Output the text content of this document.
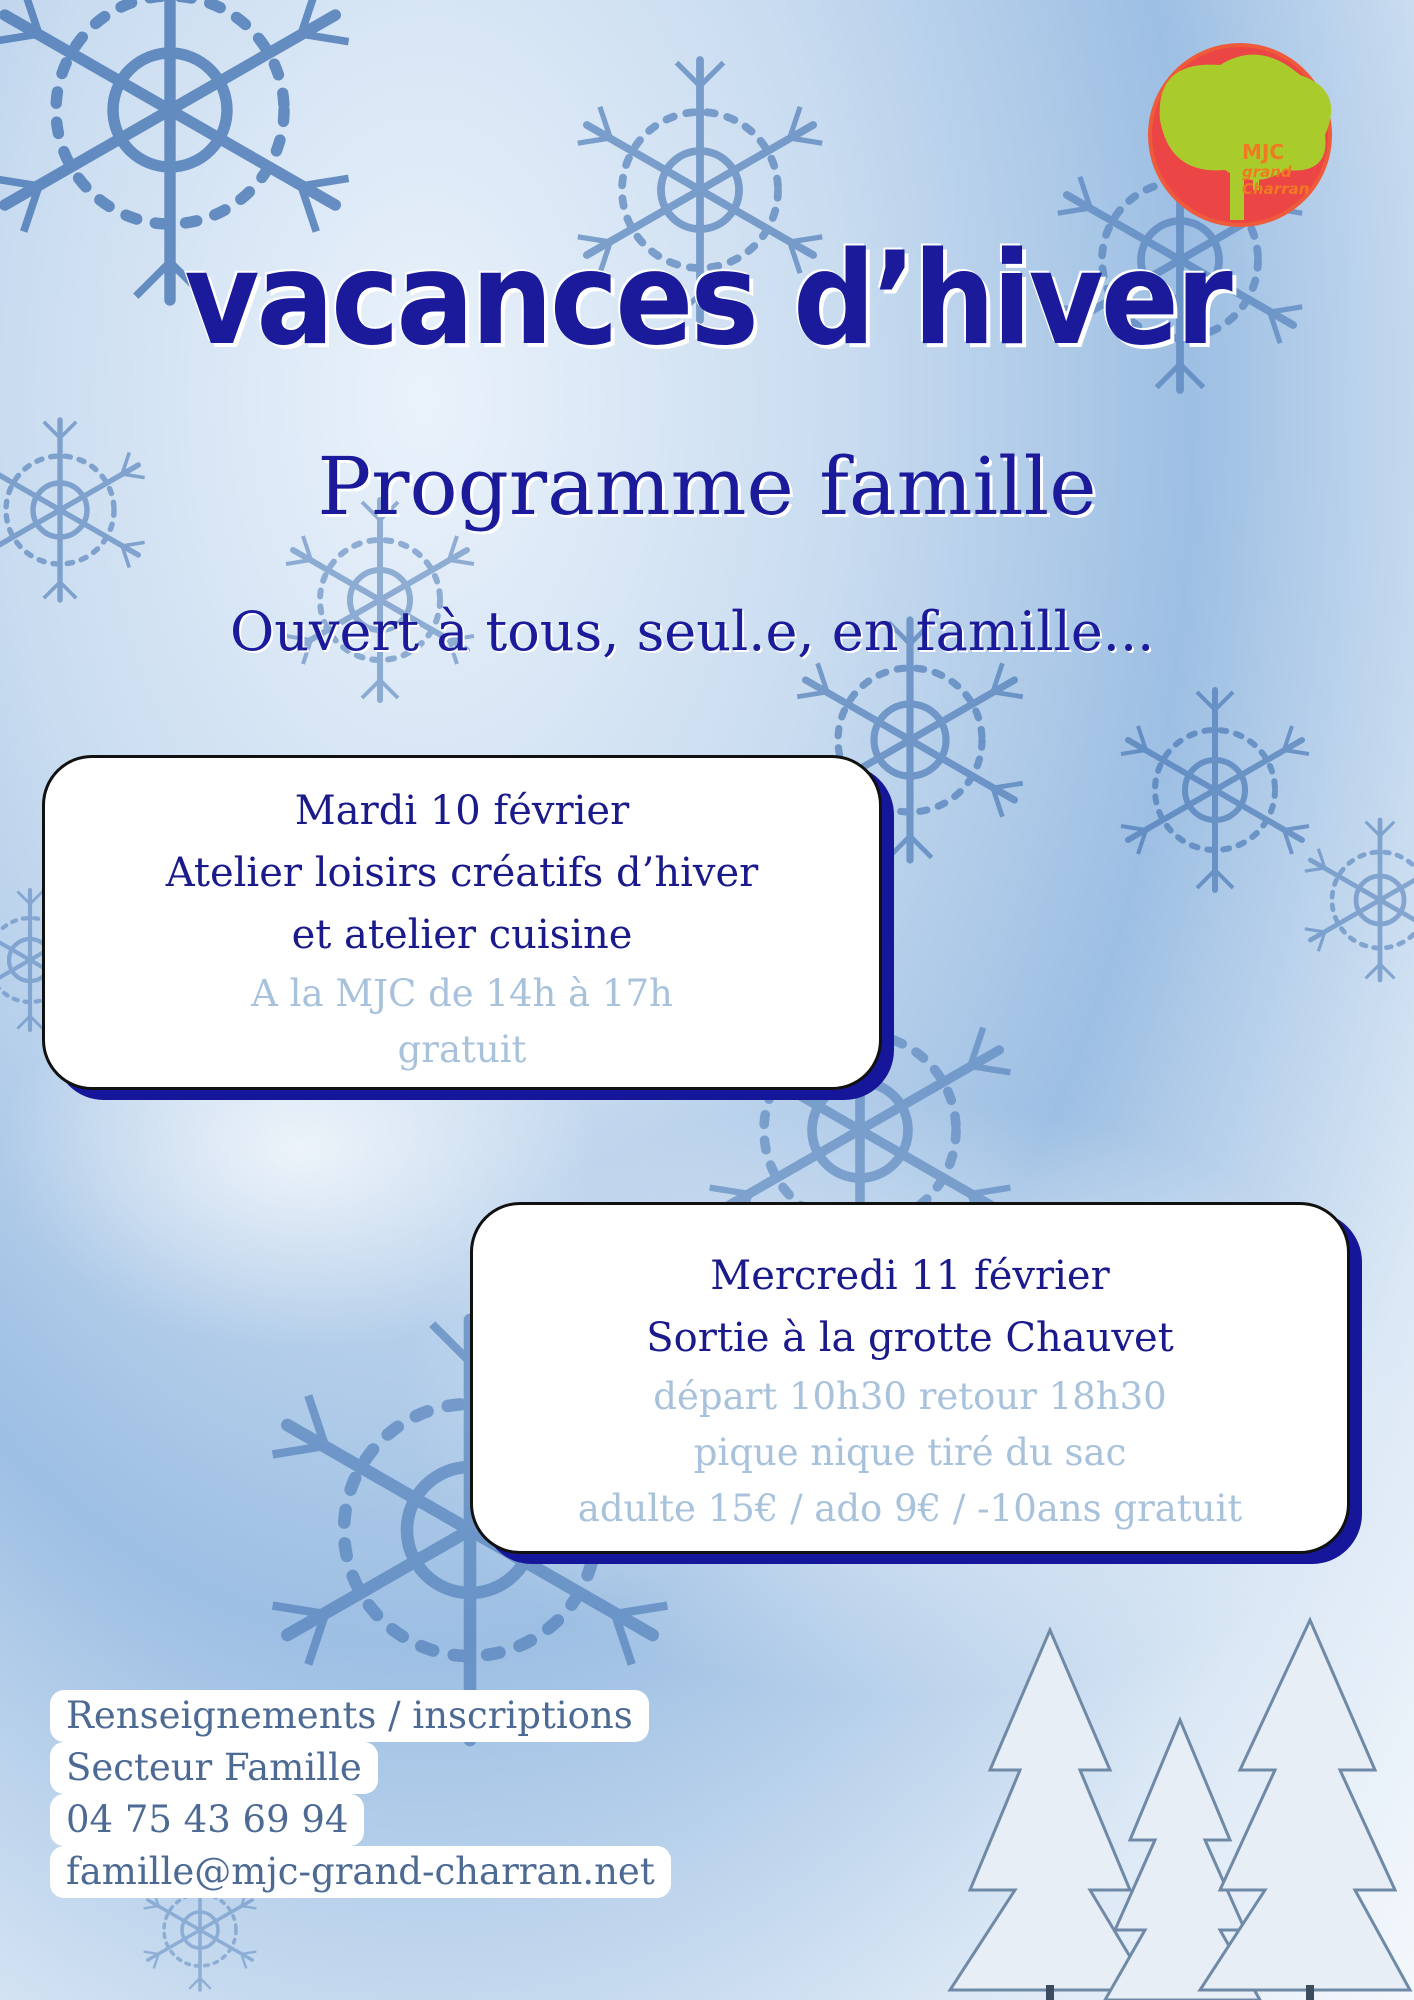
MJC
grand Charran
vacances d’hiver
Programme famille
Ouvert à tous, seul.e, en famille...
Mardi 10 février
Atelier loisirs créatifs d’hiver
et atelier cuisine
A la MJC de 14h à 17h
gratuit
Mercredi 11 février
Sortie à la grotte Chauvet
départ 10h30 retour 18h30
pique nique tiré du sac
adulte 15€ / ado 9€ / -10ans gratuit
Renseignements / inscriptions
Secteur Famille
04 75 43 69 94
famille@mjc-grand-charran.net
